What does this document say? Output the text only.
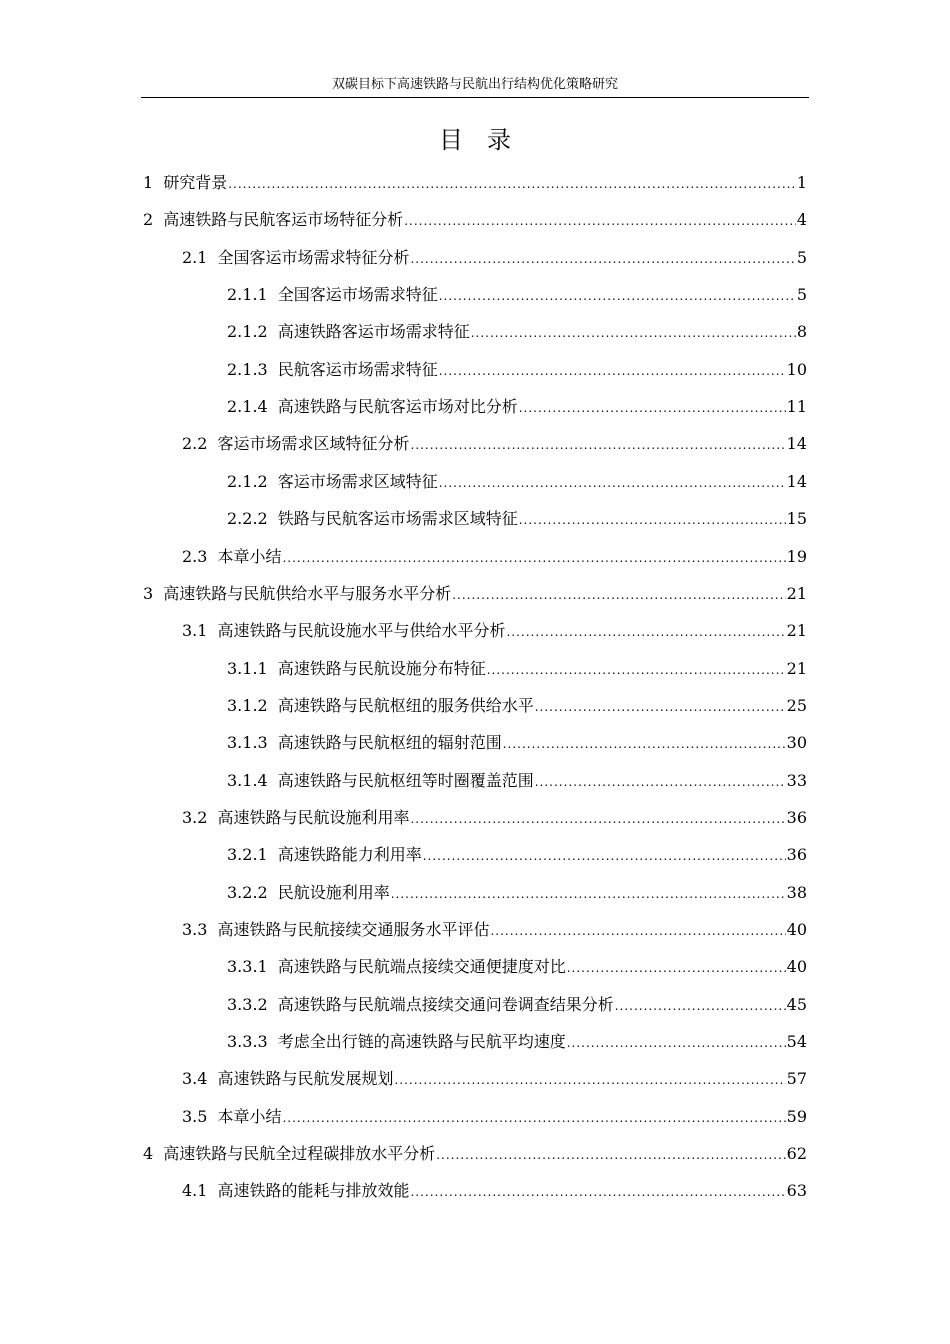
双碳目标下高速铁路与民航出行结构优化策略研究
目　录
1 研究背景 .....	1
2 高速铁路与民航客运市场特征分析 .....	4
2.1 全国客运市场需求特征分析 .....	5
2.1.1 全国客运市场需求特征 .....	5
2.1.2 高速铁路客运市场需求特征 .....	8
2.1.3 民航客运市场需求特征 .....	10
2.1.4 高速铁路与民航客运市场对比分析 .....	11
2.2 客运市场需求区域特征分析 .....	14
2.1.2 客运市场需求区域特征 .....	14
2.2.2 铁路与民航客运市场需求区域特征 .....	15
2.3 本章小结 .....	19
3 高速铁路与民航供给水平与服务水平分析 .....	21
3.1 高速铁路与民航设施水平与供给水平分析 .....	21
3.1.1 高速铁路与民航设施分布特征 .....	21
3.1.2 高速铁路与民航枢纽的服务供给水平 .....	25
3.1.3 高速铁路与民航枢纽的辐射范围 .....	30
3.1.4 高速铁路与民航枢纽等时圈覆盖范围 .....	33
3.2 高速铁路与民航设施利用率 .....	36
3.2.1 高速铁路能力利用率 .....	36
3.2.2 民航设施利用率 .....	38
3.3 高速铁路与民航接续交通服务水平评估 .....	40
3.3.1 高速铁路与民航端点接续交通便捷度对比 .....	40
3.3.2 高速铁路与民航端点接续交通问卷调查结果分析 .....	45
3.3.3 考虑全出行链的高速铁路与民航平均速度 .....	54
3.4 高速铁路与民航发展规划 .....	57
3.5 本章小结 .....	59
4 高速铁路与民航全过程碳排放水平分析 .....	62
4.1 高速铁路的能耗与排放效能 .....	63
